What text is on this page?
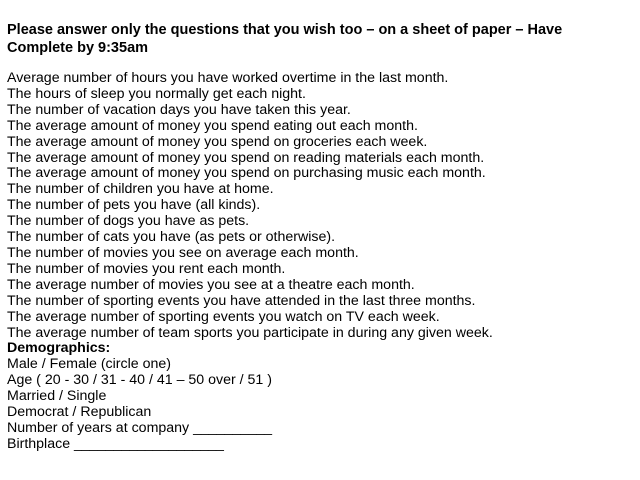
Please answer only the questions that you wish too – on a sheet of paper – Have
Complete by 9:35am
Average number of hours you have worked overtime in the last month.
The hours of sleep you normally get each night.
The number of vacation days you have taken this year.
The average amount of money you spend eating out each month.
The average amount of money you spend on groceries each week.
The average amount of money you spend on reading materials each month.
The average amount of money you spend on purchasing music each month.
The number of children you have at home.
The number of pets you have (all kinds).
The number of dogs you have as pets.
The number of cats you have (as pets or otherwise).
The number of movies you see on average each month.
The number of movies you rent each month.
The average number of movies you see at a theatre each month.
The number of sporting events you have attended in the last three months.
The average number of sporting events you watch on TV each week.
The average number of team sports you participate in during any given week.
Demographics:
Male / Female (circle one)
Age ( 20 - 30 / 31 - 40 / 41 – 50 over / 51 )
Married / Single
Democrat / Republican
Number of years at company __________
Birthplace ___________________
